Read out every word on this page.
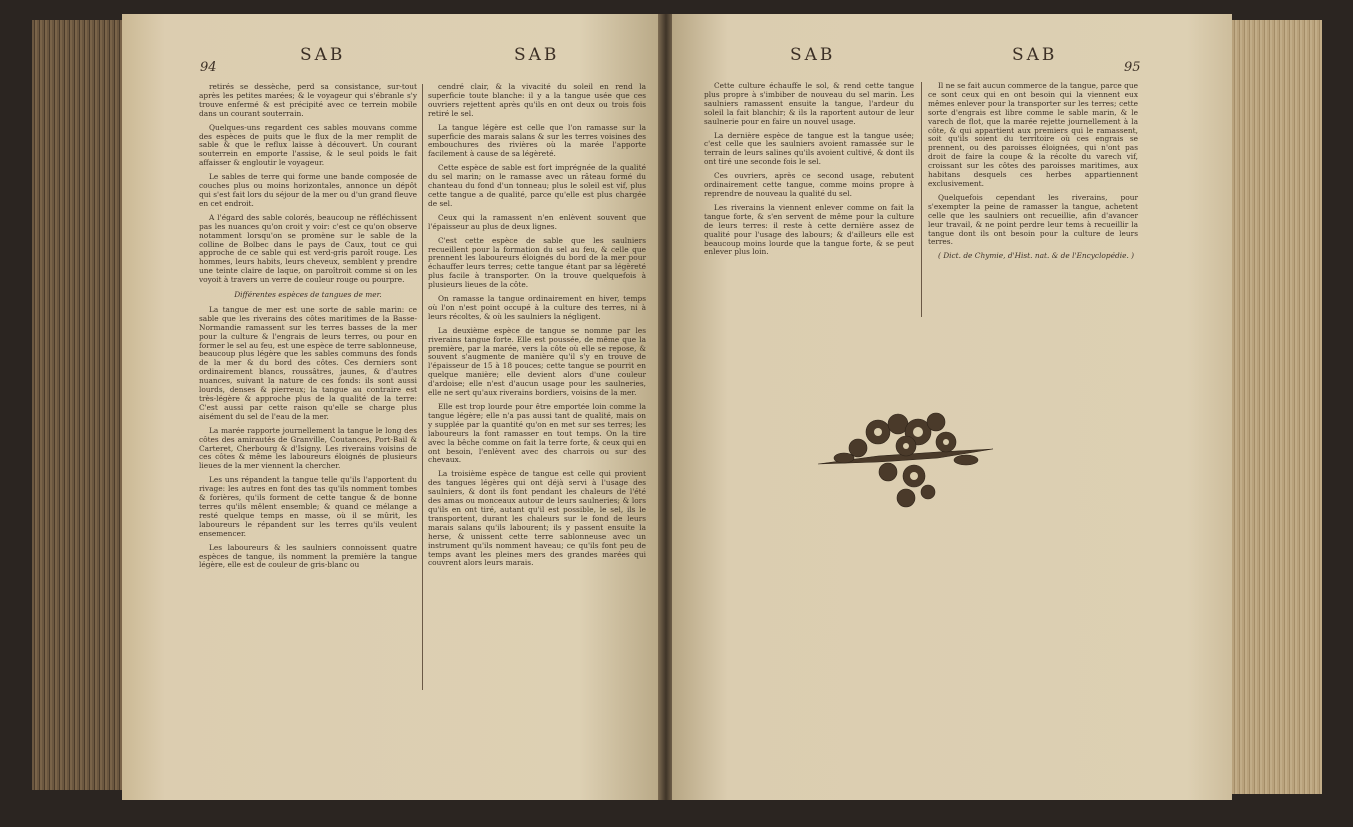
94
SAB	SAB

retirés se dessèche, perd sa consistance, sur-tout après les petites marées; & le voyageur qui s'ébranle s'y trouve enfermé & est précipité avec ce terrein mobile dans un courant souterrain.

Quelques-uns regardent ces sables mouvans comme des espèces de puits que le flux de la mer remplit de sable & que le reflux laisse à découvert. Un courant souterrein en emporte l'assise, & le seul poids le fait affaisser & engloutir le voyageur.

Le sables de terre qui forme une bande composée de couches plus ou moins horizontales, annonce un dépôt qui s'est fait lors du séjour de la mer ou d'un grand fleuve en cet endroit.

A l'égard des sable colorés, beaucoup ne réfléchissent pas les nuances qu'on croit y voir: c'est ce qu'on observe notamment lorsqu'on se promène sur le sable de la colline de Bolbec dans le pays de Caux, tout ce qui approche de ce sable qui est verd-gris paroît rouge. Les hommes, leurs habits, leurs cheveux, semblent y prendre une teinte claire de laque, on paroîtroit comme si on les voyoit à travers un verre de couleur rouge ou pourpre.

Différentes espèces de tangues de mer.

La tangue de mer est une sorte de sable marin: ce sable que les riverains des côtes maritimes de la Basse-Normandie ramassent sur les terres basses de la mer pour la culture & l'engrais de leurs terres, ou pour en former le sel au feu, est une espèce de terre sablonneuse, beaucoup plus légère que les sables communs des fonds de la mer & du bord des côtes. Ces derniers sont ordinairement blancs, roussâtres, jaunes, & d'autres nuances, suivant la nature de ces fonds: ils sont aussi lourds, denses & pierreux; la tangue au contraire est très-légère & approche plus de la qualité de la terre: C'est aussi par cette raison qu'elle se charge plus aisément du sel de l'eau de la mer.

La marée rapporte journellement la tangue le long des côtes des amirautés de Granville, Coutances, Port-Bail & Carteret, Cherbourg & d'Isigny. Les riverains voisins de ces côtes & même les laboureurs éloignés de plusieurs lieues de la mer viennent la chercher.

Les uns répandent la tangue telle qu'ils l'apportent du rivage: les autres en font des tas qu'ils nomment tombes & forières, qu'ils forment de cette tangue & de bonne terres qu'ils mêlent ensemble; & quand ce mélange a resté quelque temps en masse, où il se mûrit, les laboureurs le répandent sur les terres qu'ils veulent ensemencer.

Les laboureurs & les saulniers connoissent quatre espèces de tangue, ils nomment la première la tangue légère, elle est de couleur de gris-blanc ou

cendré clair, & la vivacité du soleil en rend la superficie toute blanche: il y a la tangue usée que ces ouvriers rejettent après qu'ils en ont deux ou trois fois retiré le sel.

La tangue légère est celle que l'on ramasse sur la superficie des marais salans & sur les terres voisines des embouchures des rivières où la marée l'apporte facilement à cause de sa légèreté.

Cette espèce de sable est fort imprégnée de la qualité du sel marin; on le ramasse avec un râteau formé du chanteau du fond d'un tonneau; plus le soleil est vif, plus cette tangue a de qualité, parce qu'elle est plus chargée de sel.

Ceux qui la ramassent n'en enlèvent souvent que l'épaisseur au plus de deux lignes.

C'est cette espèce de sable que les saulniers recueillent pour la formation du sel au feu, & celle que prennent les laboureurs éloignés du bord de la mer pour échauffer leurs terres; cette tangue étant par sa légèreté plus facile à transporter. On la trouve quelquefois à plusieurs lieues de la côte.

On ramasse la tangue ordinairement en hiver, temps où l'on n'est point occupé à la culture des terres, ni à leurs récoltes, & où les saulniers la négligent.

La deuxième espèce de tangue se nomme par les riverains tangue forte. Elle est poussée, de même que la première, par la marée, vers la côte où elle se repose, & souvent s'augmente de manière qu'il s'y en trouve de l'épaisseur de 15 à 18 pouces; cette tangue se pourrit en quelque manière; elle devient alors d'une couleur d'ardoise; elle n'est d'aucun usage pour les saulneries, elle ne sert qu'aux riverains bordiers, voisins de la mer.

Elle est trop lourde pour être emportée loin comme la tangue légère; elle n'a pas aussi tant de qualité, mais on y supplée par la quantité qu'on en met sur ses terres; les laboureurs la font ramasser en tout temps. On la tire avec la bêche comme on fait la terre forte, & ceux qui en ont besoin, l'enlèvent avec des charrois ou sur des chevaux.

La troisième espèce de tangue est celle qui provient des tangues légères qui ont déjà servi à l'usage des saulniers, & dont ils font pendant les chaleurs de l'été des amas ou monceaux autour de leurs saulneries; & lors qu'ils en ont tiré, autant qu'il est possible, le sel, ils le transportent, durant les chaleurs sur le fond de leurs marais salans qu'ils labourent; ils y passent ensuite la herse, & unissent cette terre sablonneuse avec un instrument qu'ils nomment haveau; ce qu'ils font peu de temps avant les pleines mers des grandes marées qui couvrent alors leurs marais.

SAB	SAB
95

Cette culture échauffe le sol, & rend cette tangue plus propre à s'imbiber de nouveau du sel marin. Les saulniers ramassent ensuite la tangue, l'ardeur du soleil la fait blanchir; & ils la raportent autour de leur saulnerie pour en faire un nouvel usage.

La dernière espèce de tangue est la tangue usée; c'est celle que les saulniers avoient ramassée sur le terrain de leurs salines qu'ils avoient cultivé, & dont ils ont tiré une seconde fois le sel.

Ces ouvriers, après ce second usage, rebutent ordinairement cette tangue, comme moins propre à reprendre de nouveau la qualité du sel.

Les riverains la viennent enlever comme on fait la tangue forte, & s'en servent de même pour la culture de leurs terres: il reste à cette dernière assez de qualité pour l'usage des labours; & d'ailleurs elle est beaucoup moins lourde que la tangue forte, & se peut enlever plus loin.

Il ne se fait aucun commerce de la tangue, parce que ce sont ceux qui en ont besoin qui la viennent eux mêmes enlever pour la transporter sur les terres; cette sorte d'engrais est libre comme le sable marin, & le varech de flot, que la marée rejette journellement à la côte, & qui appartient aux premiers qui le ramassent, soit qu'ils soient du territoire où ces engrais se prennent, ou des paroisses éloignées, qui n'ont pas droit de faire la coupe & la récolte du varech vif, croissant sur les côtes des paroisses maritimes, aux habitans desquels ces herbes appartiennent exclusivement.

Quelquefois cependant les riverains, pour s'exempter la peine de ramasser la tangue, achetent celle que les saulniers ont recueillie, afin d'avancer leur travail, & ne point perdre leur tems à recueillir la tangue dont ils ont besoin pour la culture de leurs terres.

( Dict. de Chymie, d'Hist. nat. & de l'Encyclopédie. )
